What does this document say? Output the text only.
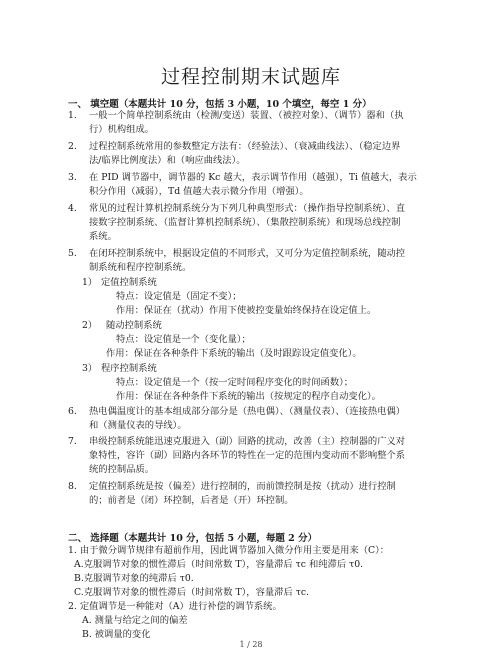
过程控制期末试题库
一、 填空题（本题共计 10 分，包括 3 小题，10 个填空，每空 1 分）
1. 一般一个简单控制系统由（检测/变送）装置、（被控对象）、（调节）器和（执
行）机构组成。
2. 过程控制系统常用的参数整定方法有：（经验法）、（衰减曲线法）、（稳定边界
法/临界比例度法）和（响应曲线法）。
3. 在 PID 调节器中，调节器的 Kc 越大，表示调节作用（越强），Ti 值越大，表示
积分作用（减弱），Td 值越大表示微分作用（增强）。
4. 常见的过程计算机控制系统分为下列几种典型形式：（操作指导控制系统）、直
接数字控制系统、（监督计算机控制系统）、（集散控制系统）和现场总线控制
系统。
5. 在闭环控制系统中，根据设定值的不同形式，又可分为定值控制系统，随动控
制系统和程序控制系统。
1） 定值控制系统
特点：设定值是（固定不变）；
作用：保证在（扰动）作用下使被控变量始终保持在设定值上。
2） 随动控制系统
特点：设定值是一个（变化量）；
作用：保证在各种条件下系统的输出（及时跟踪设定值变化）。
3） 程序控制系统
特点：设定值是一个（按一定时间程序变化的时间函数）；
作用：保证在各种条件下系统的输出（按规定的程序自动变化）。
6. 热电偶温度计的基本组成部分部分是（热电偶）、（测量仪表）、（连接热电偶）
和（测量仪表的导线）。
7. 串级控制系统能迅速克服进入（副）回路的扰动，改善（主）控制器的广义对
象特性，容许（副）回路内各环节的特性在一定的范围内变动而不影响整个系
统的控制品质。
8. 定值控制系统是按（偏差）进行控制的，而前馈控制是按（扰动）进行控制
的；前者是（闭）环控制，后者是（开）环控制。
二、 选择题（本题共计 10 分，包括 5 小题，每题 2 分）
1. 由于微分调节规律有超前作用，因此调节器加入微分作用主要是用来（C）：
A.克服调节对象的惯性滞后（时间常数 T），容量滞后 τc 和纯滞后 τ0.
B.克服调节对象的纯滞后 τ0.
C.克服调节对象的惯性滞后（时间常数 T），容量滞后 τc.
2. 定值调节是一种能对（A）进行补偿的调节系统。
A. 测量与给定之间的偏差
B. 被调量的变化
1 / 28
